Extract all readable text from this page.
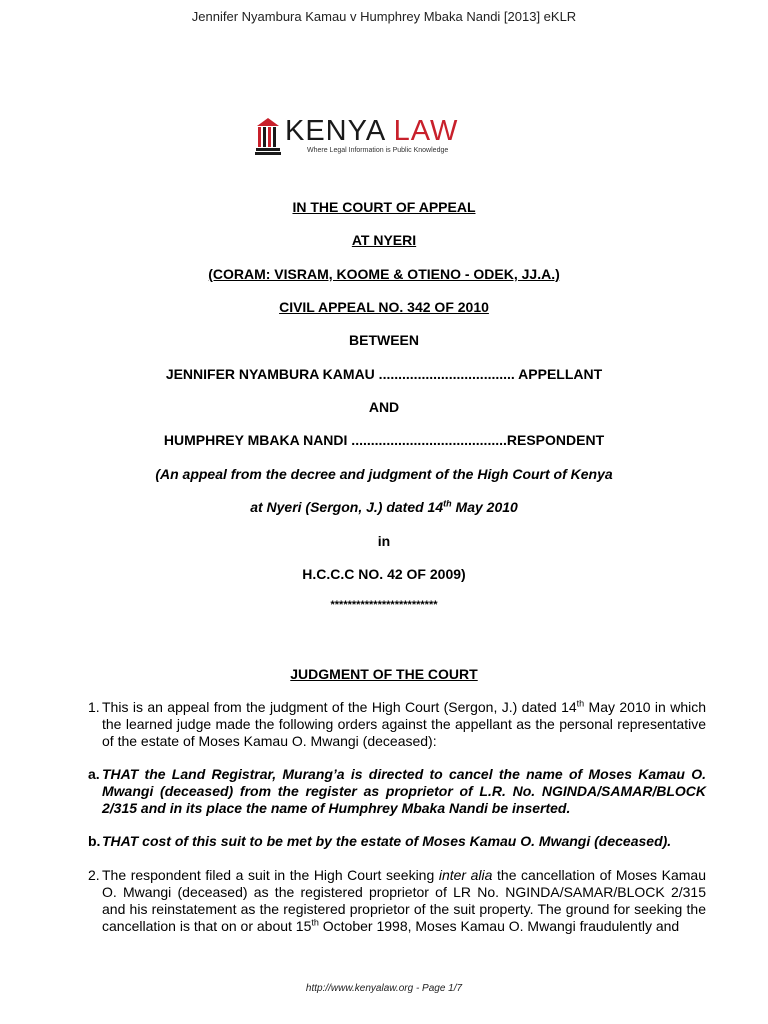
Jennifer Nyambura Kamau v Humphrey Mbaka Nandi [2013] eKLR
KENYA LAW
Where Legal Information is Public Knowledge
IN THE COURT OF APPEAL
AT NYERI
(CORAM: VISRAM, KOOME & OTIENO - ODEK, JJ.A.)
CIVIL APPEAL NO. 342 OF 2010
BETWEEN
JENNIFER NYAMBURA KAMAU ................................... APPELLANT
AND
HUMPHREY MBAKA NANDI ........................................RESPONDENT
(An appeal from the decree and judgment of the High Court of Kenya
at Nyeri (Sergon, J.) dated 14th May 2010
in
H.C.C.C NO. 42 OF 2009)
*************************
JUDGMENT OF THE COURT
1. This is an appeal from the judgment of the High Court (Sergon, J.) dated 14th May 2010 in which the learned judge made the following orders against the appellant as the personal representative of the estate of Moses Kamau O. Mwangi (deceased):
a. THAT the Land Registrar, Murang’a is directed to cancel the name of Moses Kamau O. Mwangi (deceased) from the register as proprietor of L.R. No. NGINDA/SAMAR/BLOCK 2/315 and in its place the name of Humphrey Mbaka Nandi be inserted.
b. THAT cost of this suit to be met by the estate of Moses Kamau O. Mwangi (deceased).
2. The respondent filed a suit in the High Court seeking inter alia the cancellation of Moses Kamau O. Mwangi (deceased) as the registered proprietor of LR No. NGINDA/SAMAR/BLOCK 2/315 and his reinstatement as the registered proprietor of the suit property. The ground for seeking the cancellation is that on or about 15th October 1998, Moses Kamau O. Mwangi fraudulently and
http://www.kenyalaw.org - Page 1/7
